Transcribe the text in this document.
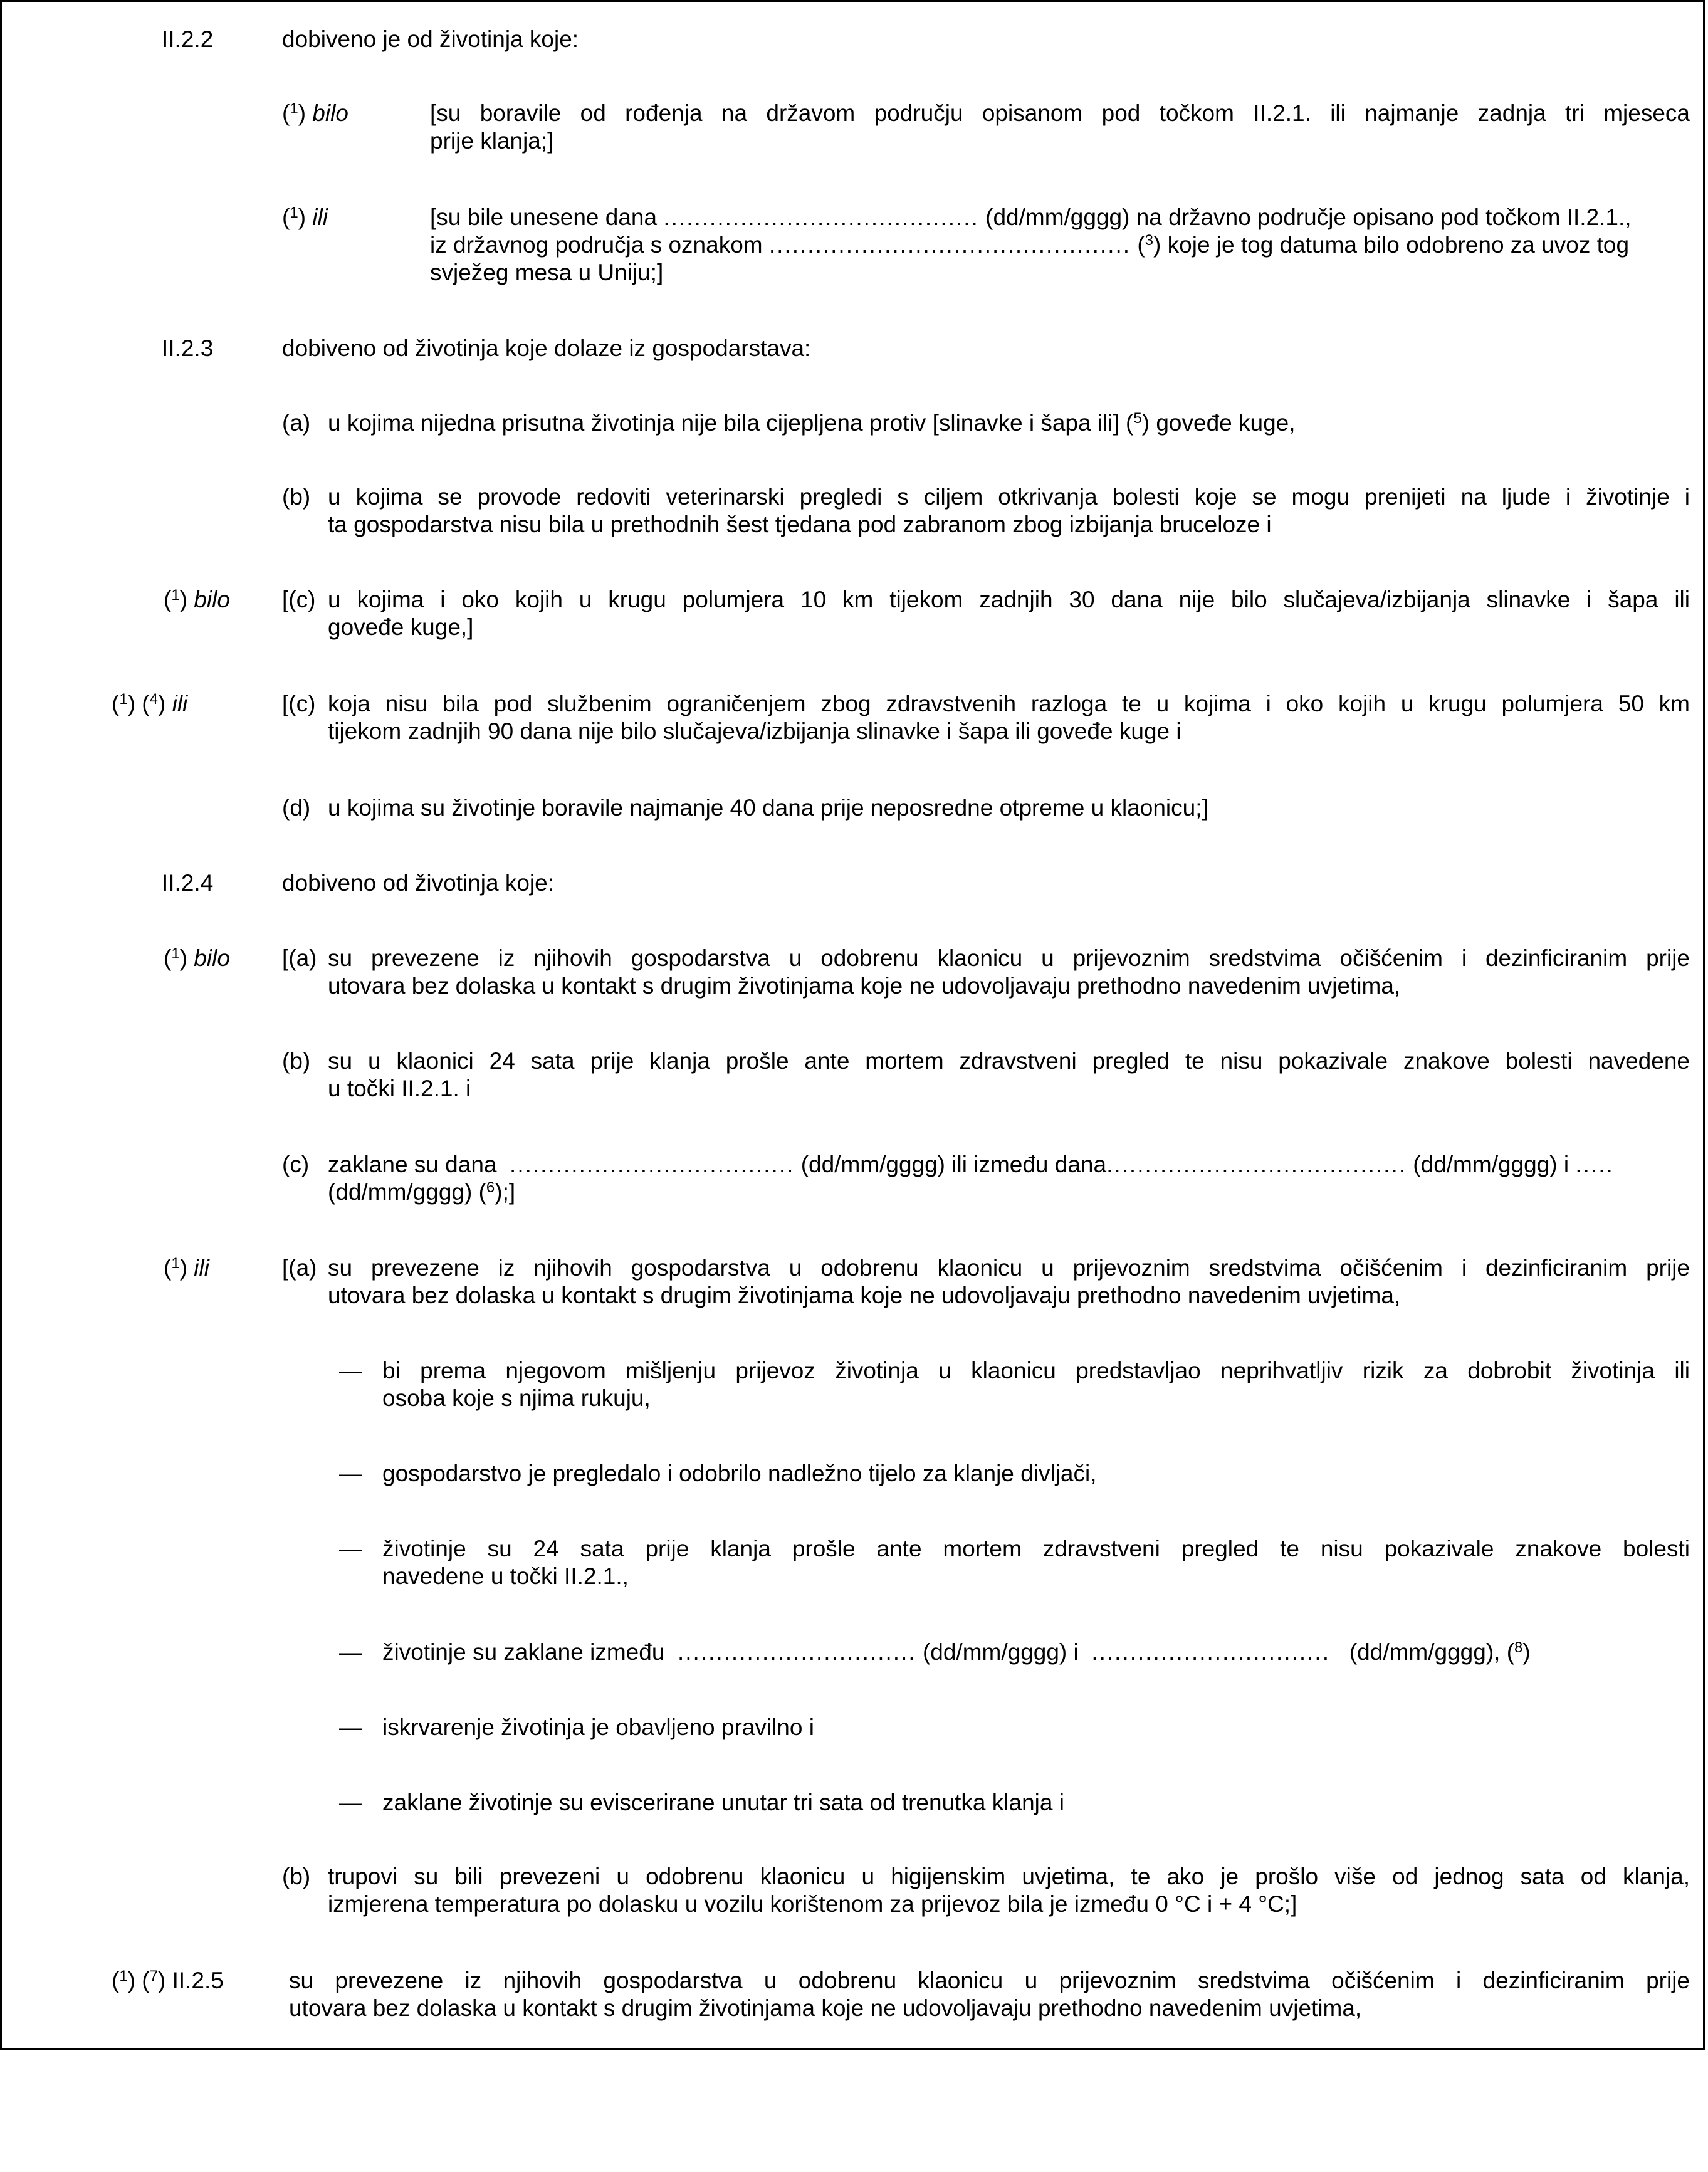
II.2.2	dobiveno je od životinja koje:
($^1$) bilo	[su boravile od rođenja na državom području opisanom pod točkom II.2.1. ili najmanje zadnja tri mjeseca
prije klanja;]
($^1$) ili	[su bile unesene dana ......................................... (dd/mm/gggg) na državno područje opisano pod točkom II.2.1.,
iz državnog područja s oznakom ............................................... ($^3$) koje je tog datuma bilo odobreno za uvoz tog
svježeg mesa u Uniju;]
II.2.3	dobiveno od životinja koje dolaze iz gospodarstava:
(a) u kojima nijedna prisutna životinja nije bila cijepljena protiv [slinavke i šapa ili] ($^5$) goveđe kuge,
(b) u kojima se provode redoviti veterinarski pregledi s ciljem otkrivanja bolesti koje se mogu prenijeti na ljude i životinje i
ta gospodarstva nisu bila u prethodnih šest tjedana pod zabranom zbog izbijanja bruceloze i
($^1$) bilo [(c) u kojima i oko kojih u krugu polumjera 10 km tijekom zadnjih 30 dana nije bilo slučajeva/izbijanja slinavke i šapa ili
goveđe kuge,]
($^1$) ($^4$) ili	[(c) koja nisu bila pod službenim ograničenjem zbog zdravstvenih razloga te u kojima i oko kojih u krugu polumjera 50 km
tijekom zadnjih 90 dana nije bilo slučajeva/izbijanja slinavke i šapa ili goveđe kuge i
(d) u kojima su životinje boravile najmanje 40 dana prije neposredne otpreme u klaonicu;]
II.2.4	dobiveno od životinja koje:
($^1$) bilo [(a) su prevezene iz njihovih gospodarstva u odobrenu klaonicu u prijevoznim sredstvima očišćenim i dezinficiranim prije
utovara bez dolaska u kontakt s drugim životinjama koje ne udovoljavaju prethodno navedenim uvjetima,
(b) su u klaonici 24 sata prije klanja prošle ante mortem zdravstveni pregled te nisu pokazivale znakove bolesti navedene
u točki II.2.1. i
(c) zaklane su dana ..................................... (dd/mm/gggg) ili između dana....................................... (dd/mm/gggg) i .....
(dd/mm/gggg) ($^6$);]
($^1$) ili	[(a) su prevezene iz njihovih gospodarstva u odobrenu klaonicu u prijevoznim sredstvima očišćenim i dezinficiranim prije
utovara bez dolaska u kontakt s drugim životinjama koje ne udovoljavaju prethodno navedenim uvjetima,
— bi prema njegovom mišljenju prijevoz životinja u klaonicu predstavljao neprihvatljiv rizik za dobrobit životinja ili
osoba koje s njima rukuju,
— gospodarstvo je pregledalo i odobrilo nadležno tijelo za klanje divljači,
— životinje su 24 sata prije klanja prošle ante mortem zdravstveni pregled te nisu pokazivale znakove bolesti
navedene u točki II.2.1.,
— životinje su zaklane između ............................... (dd/mm/gggg) i ............................... (dd/mm/gggg), ($^8$)
— iskrvarenje životinja je obavljeno pravilno i
— zaklane životinje su eviscerirane unutar tri sata od trenutka klanja i
(b) trupovi su bili prevezeni u odobrenu klaonicu u higijenskim uvjetima, te ako je prošlo više od jednog sata od klanja,
izmjerena temperatura po dolasku u vozilu korištenom za prijevoz bila je između 0 °C i + 4 °C;]
($^1$) ($^7$) II.2.5	su prevezene iz njihovih gospodarstva u odobrenu klaonicu u prijevoznim sredstvima očišćenim i dezinficiranim prije
utovara bez dolaska u kontakt s drugim životinjama koje ne udovoljavaju prethodno navedenim uvjetima,
